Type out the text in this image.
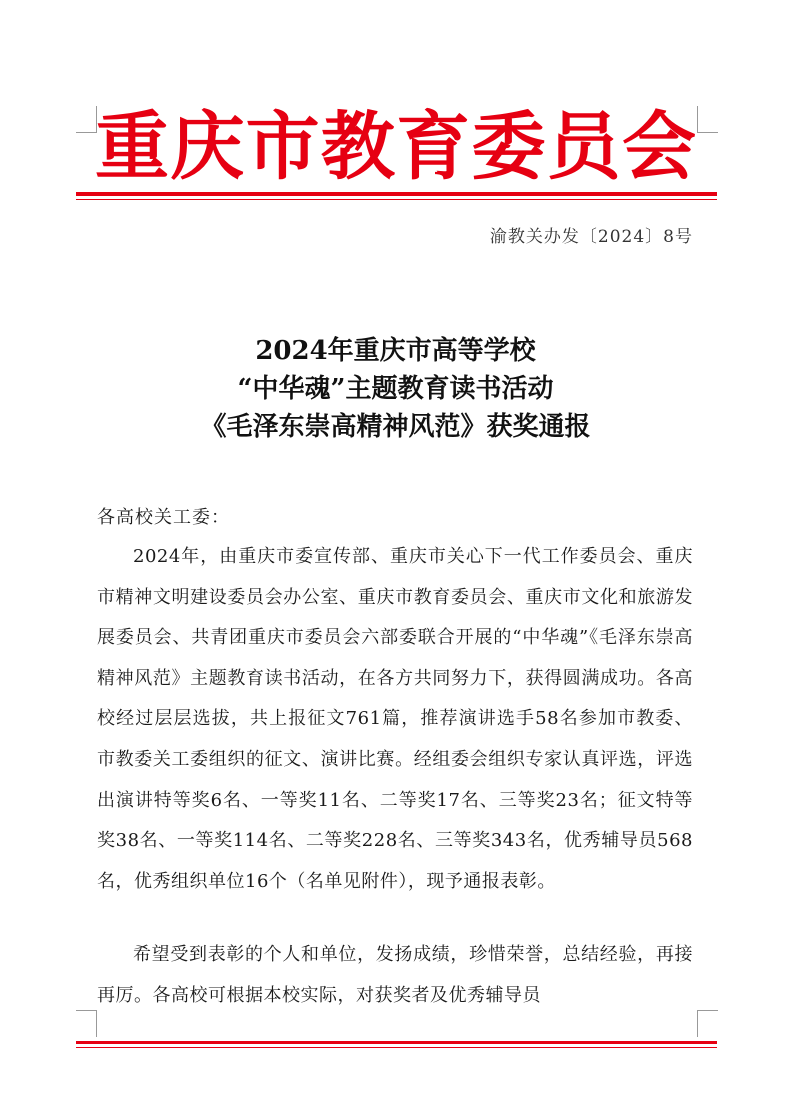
重 庆 市 教 育 委 员 会
渝教关办发〔2024〕8号
2024年重庆市高等学校
“中华魂”主题教育读书活动
《毛泽东崇高精神风范》获奖通报
各高校关工委：

2024年，由重庆市委宣传部、重庆市关心下一代工作委员会、重庆市精神文明建设委员会办公室、重庆市教育委员会、重庆市文化和旅游发展委员会、共青团重庆市委员会六部委联合开展的“中华魂”《毛泽东崇高精神风范》主题教育读书活动，在各方共同努力下，获得圆满成功。各高校经过层层选拔，共上报征文761篇，推荐演讲选手58名参加市教委、市教委关工委组织的征文、演讲比赛。经组委会组织专家认真评选，评选出演讲特等奖6名、一等奖11名、二等奖17名、三等奖23名；征文特等奖38名、一等奖114名、二等奖228名、三等奖343名，优秀辅导员568名，优秀组织单位16个（名单见附件），现予通报表彰。

希望受到表彰的个人和单位，发扬成绩，珍惜荣誉，总结经验，再接再厉。各高校可根据本校实际，对获奖者及优秀辅导员
